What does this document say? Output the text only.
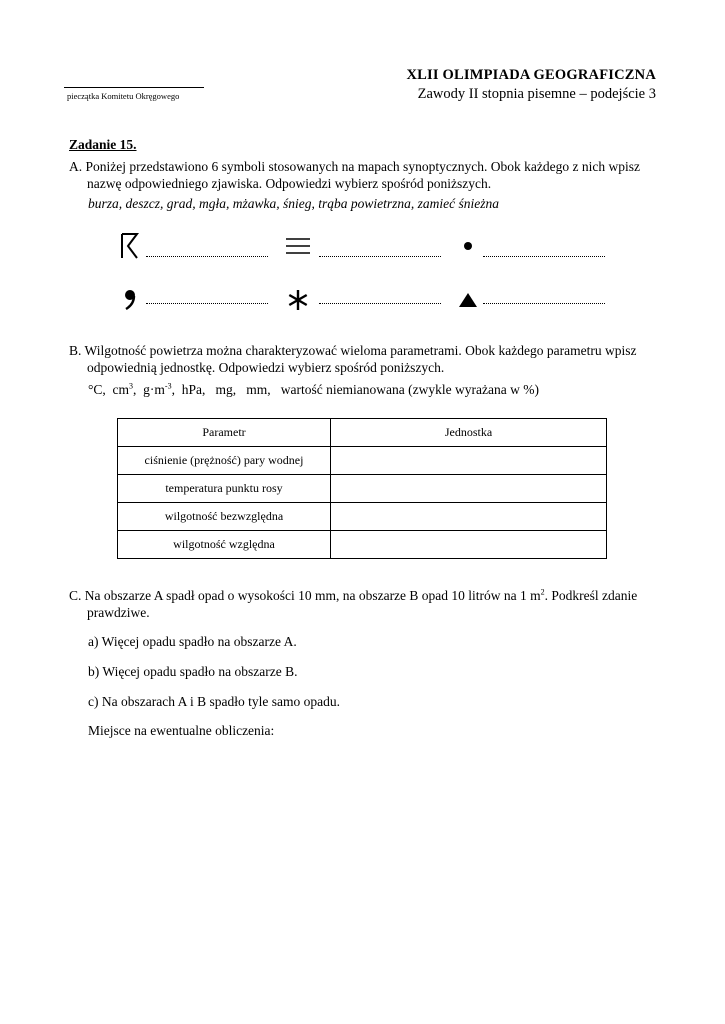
pieczątka Komitetu Okręgowego
XLII OLIMPIADA GEOGRAFICZNA
Zawody II stopnia pisemne – podejście 3
Zadanie 15.
A. Poniżej przedstawiono 6 symboli stosowanych na mapach synoptycznych. Obok każdego z nich wpisz
nazwę odpowiedniego zjawiska. Odpowiedzi wybierz spośród poniższych.
burza, deszcz, grad, mgła, mżawka, śnieg, trąba powietrzna, zamieć śnieżna
B. Wilgotność powietrza można charakteryzować wieloma parametrami. Obok każdego parametru wpisz
odpowiednią jednostkę. Odpowiedzi wybierz spośród poniższych.
°C, $cm^3$, $g\cdot m^{-3}$, hPa,   mg,   mm,   wartość niemianowana (zwykle wyrażana w %)
Parametr	Jednostka
ciśnienie (prężność) pary wodnej	
temperatura punktu rosy	
wilgotność bezwzględna	
wilgotność względna	
C. Na obszarze A spadł opad o wysokości 10 mm, na obszarze B opad 10 litrów na 1 $m^2$. Podkreśl zdanie
prawdziwe.
a) Więcej opadu spadło na obszarze A.
b) Więcej opadu spadło na obszarze B.
c) Na obszarach A i B spadło tyle samo opadu.
Miejsce na ewentualne obliczenia:
